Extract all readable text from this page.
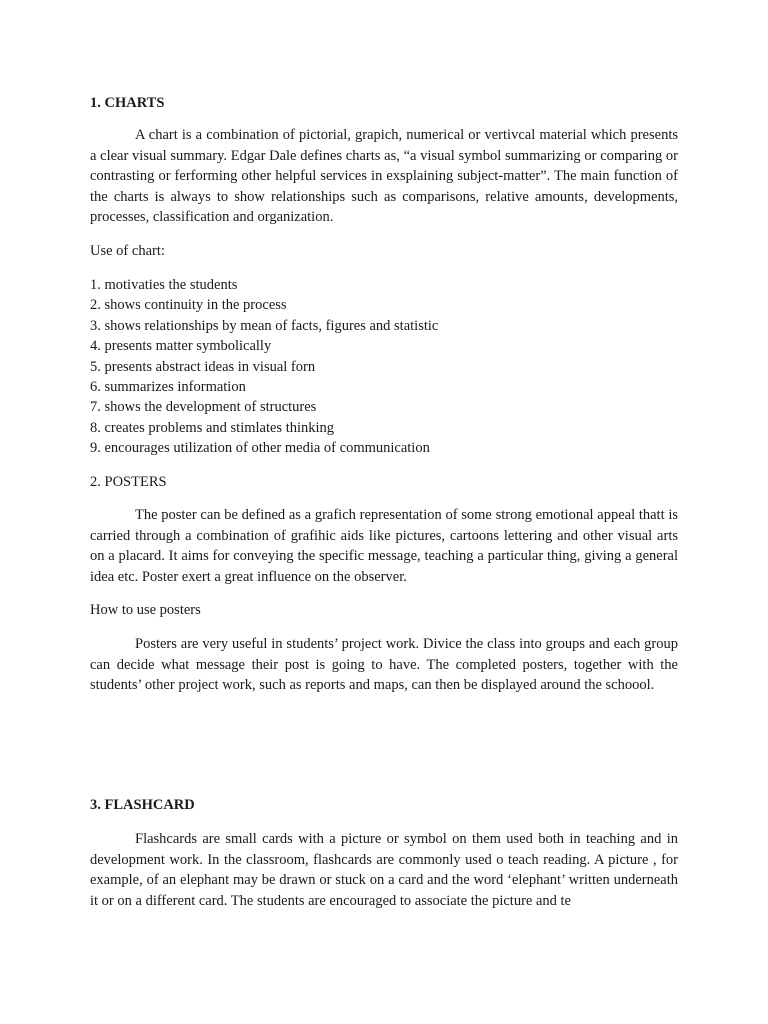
1. CHARTS

A chart is a combination of pictorial, grapich, numerical or vertivcal material which presents a clear visual summary. Edgar Dale defines charts as, “a visual symbol summarizing or comparing or contrasting or ferforming other helpful services in exsplaining subject-matter”. The main function of the charts is always to show relationships such as comparisons, relative amounts, developments, processes, classification and organization.

Use of chart:
1. motivaties the students
2. shows continuity in the process
3. shows relationships by mean of facts, figures and statistic
4. presents matter symbolically
5. presents abstract ideas in visual forn
6. summarizes information
7. shows the development of structures
8. creates problems and stimlates thinking
9. encourages utilization of other media of communication
2. POSTERS

The poster can be defined as a grafich representation of some strong emotional appeal thatt is carried through a combination of grafihic aids like pictures, cartoons lettering and other visual arts on a placard. It aims for conveying the specific message, teaching a particular thing, giving a general idea etc. Poster exert a great influence on the observer.

How to use posters

Posters are very useful in students’ project work. Divice the class into groups and each group can decide what message their post is going to have. The completed posters, together with the students’ other project work, such as reports and maps, can then be displayed around the schoool.

3. FLASHCARD

Flashcards are small cards with a picture or symbol on them used both in teaching and in development work. In the classroom, flashcards are commonly used o teach reading. A picture , for example, of an elephant may be drawn or stuck on a card and the word ‘elephant’ written underneath it or on a different card. The students are encouraged to associate the picture and te
